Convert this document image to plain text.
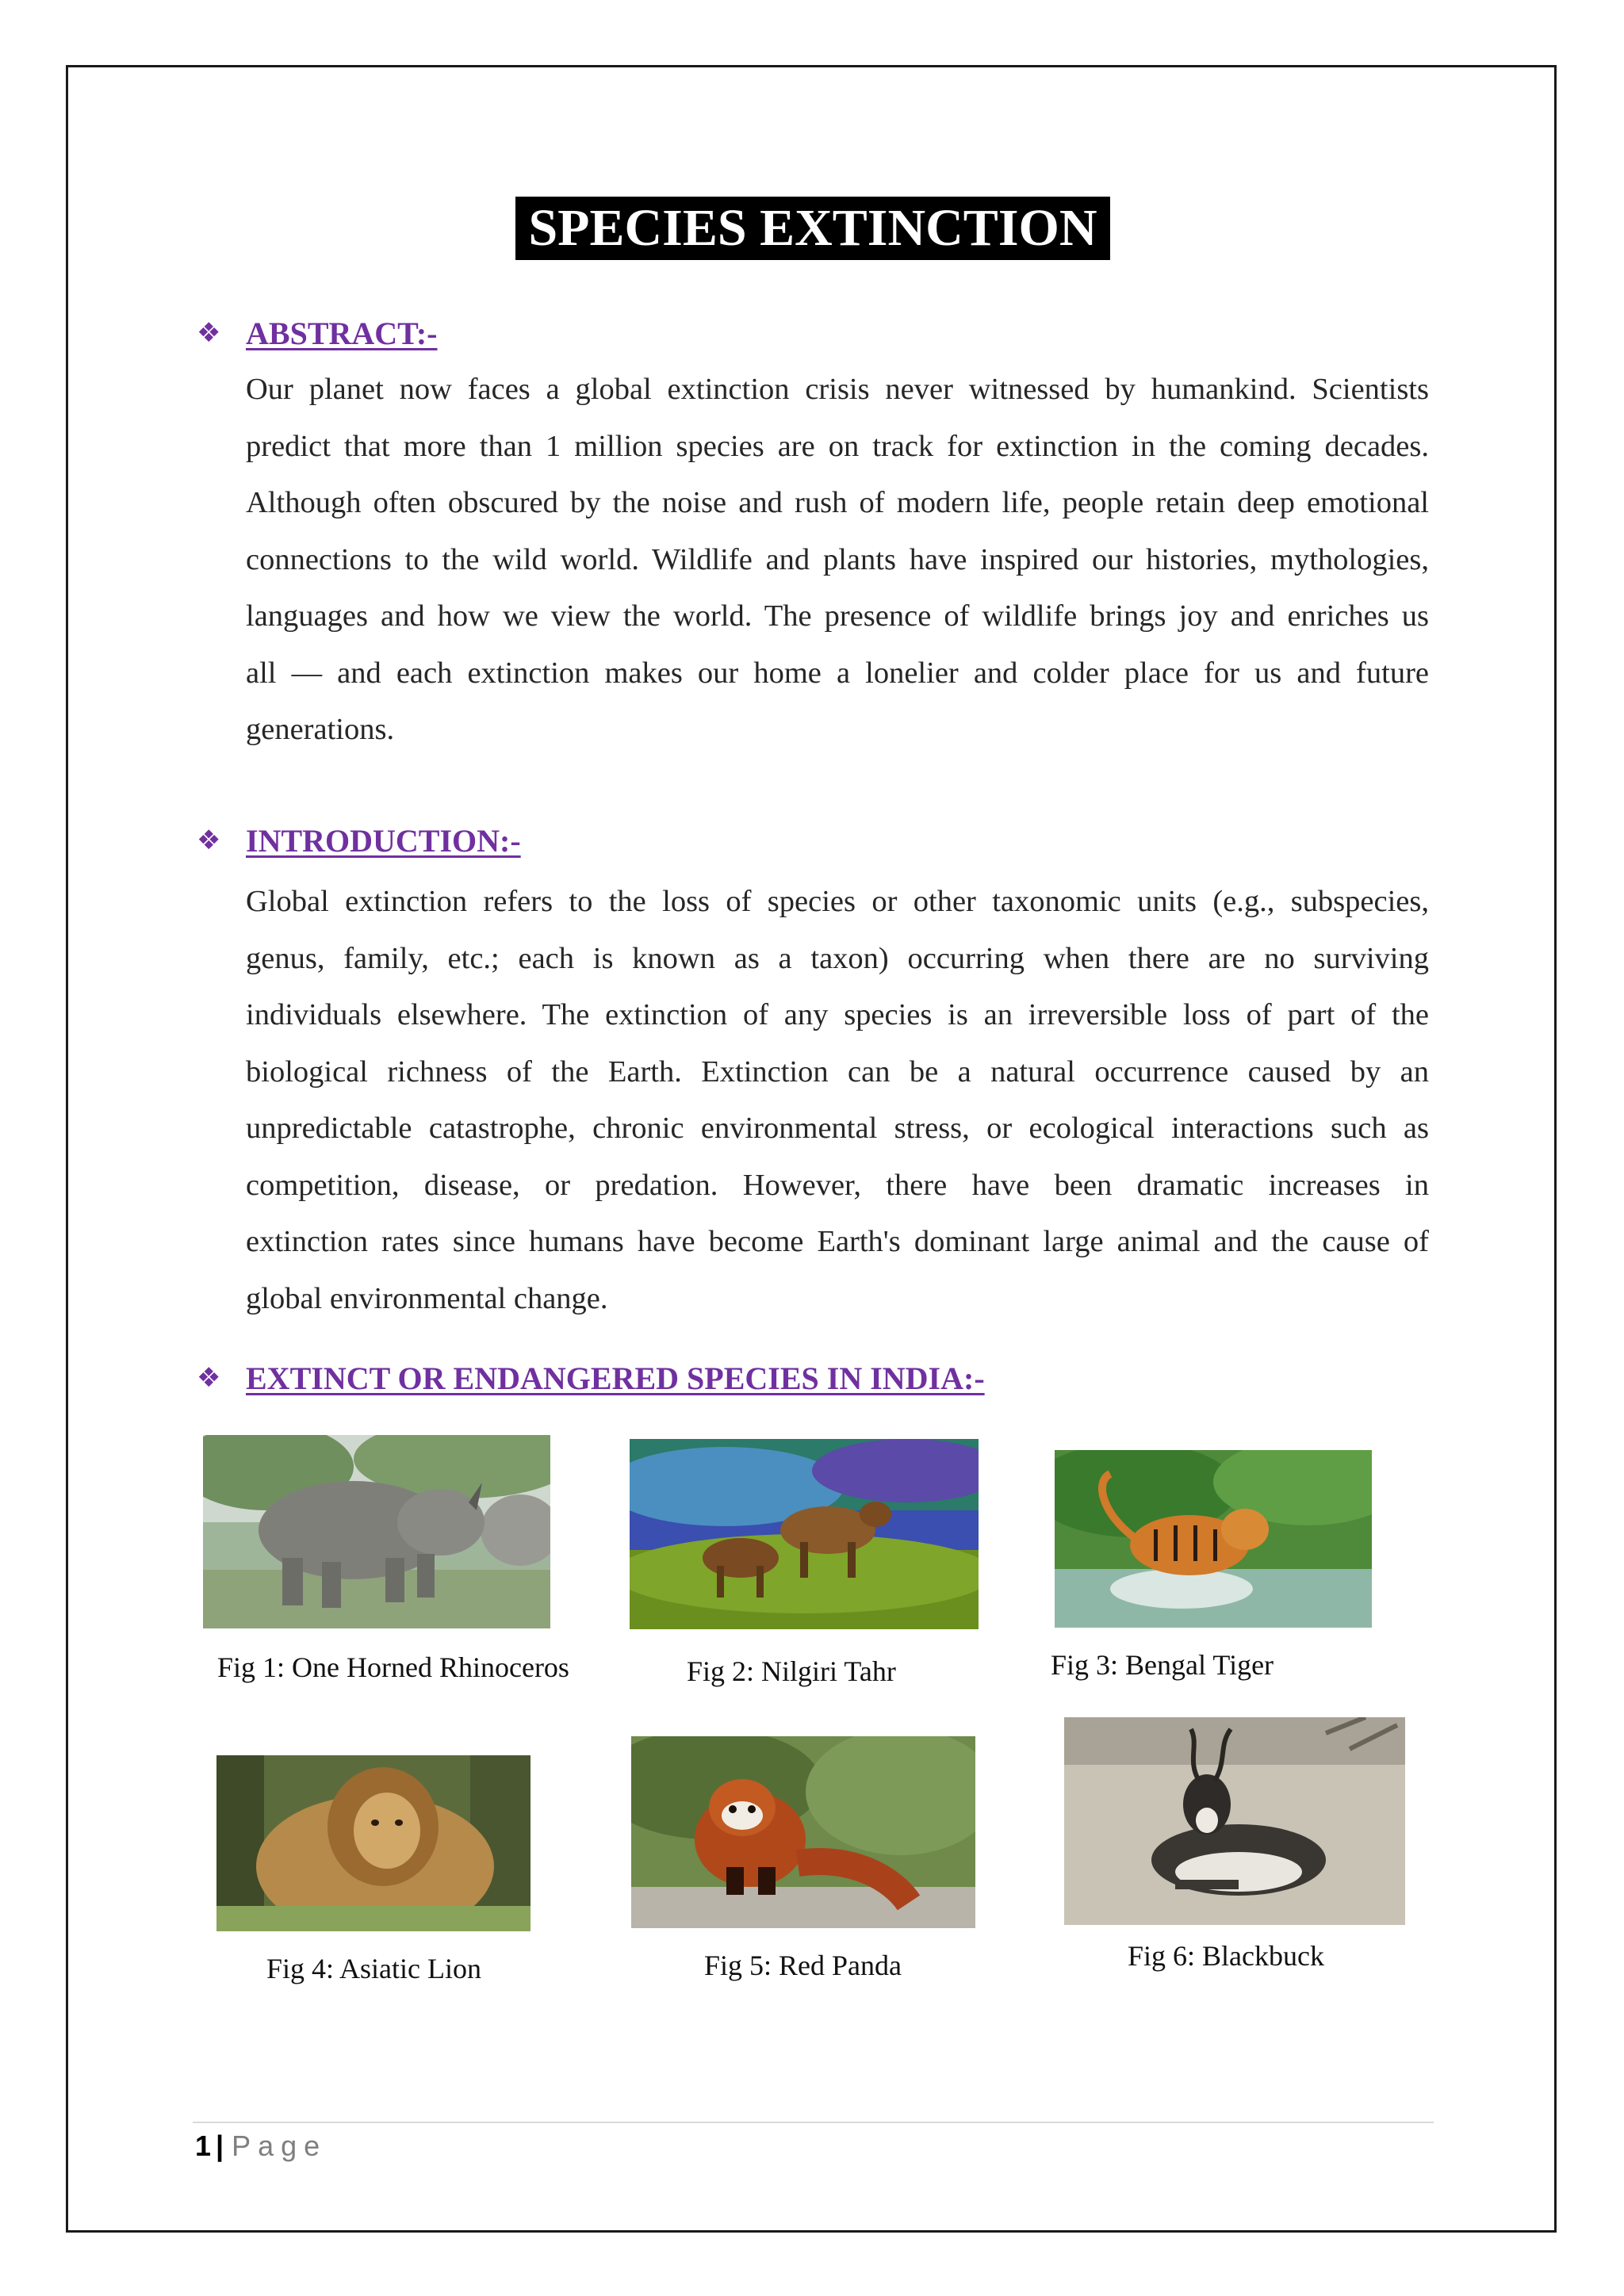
SPECIES EXTINCTION
❖ ABSTRACT:-

Our planet now faces a global extinction crisis never witnessed by humankind. Scientists
predict that more than 1 million species are on track for extinction in the coming decades.
Although often obscured by the noise and rush of modern life, people retain deep emotional
connections to the wild world. Wildlife and plants have inspired our histories, mythologies,
languages and how we view the world. The presence of wildlife brings joy and enriches us
all — and each extinction makes our home a lonelier and colder place for us and future
generations.

❖ INTRODUCTION:-

Global extinction refers to the loss of species or other taxonomic units (e.g., subspecies,
genus, family, etc.; each is known as a taxon) occurring when there are no surviving
individuals elsewhere. The extinction of any species is an irreversible loss of part of the
biological richness of the Earth. Extinction can be a natural occurrence caused by an
unpredictable catastrophe, chronic environmental stress, or ecological interactions such as
competition, disease, or predation. However, there have been dramatic increases in
extinction rates since humans have become Earth's dominant large animal and the cause of
global environmental change.

❖ EXTINCT OR ENDANGERED SPECIES IN INDIA:-
Fig 1: One Horned Rhinoceros	Fig 2: Nilgiri Tahr	Fig 3: Bengal Tiger
Fig 4: Asiatic Lion	Fig 5: Red Panda	Fig 6: Blackbuck
1 | Page
